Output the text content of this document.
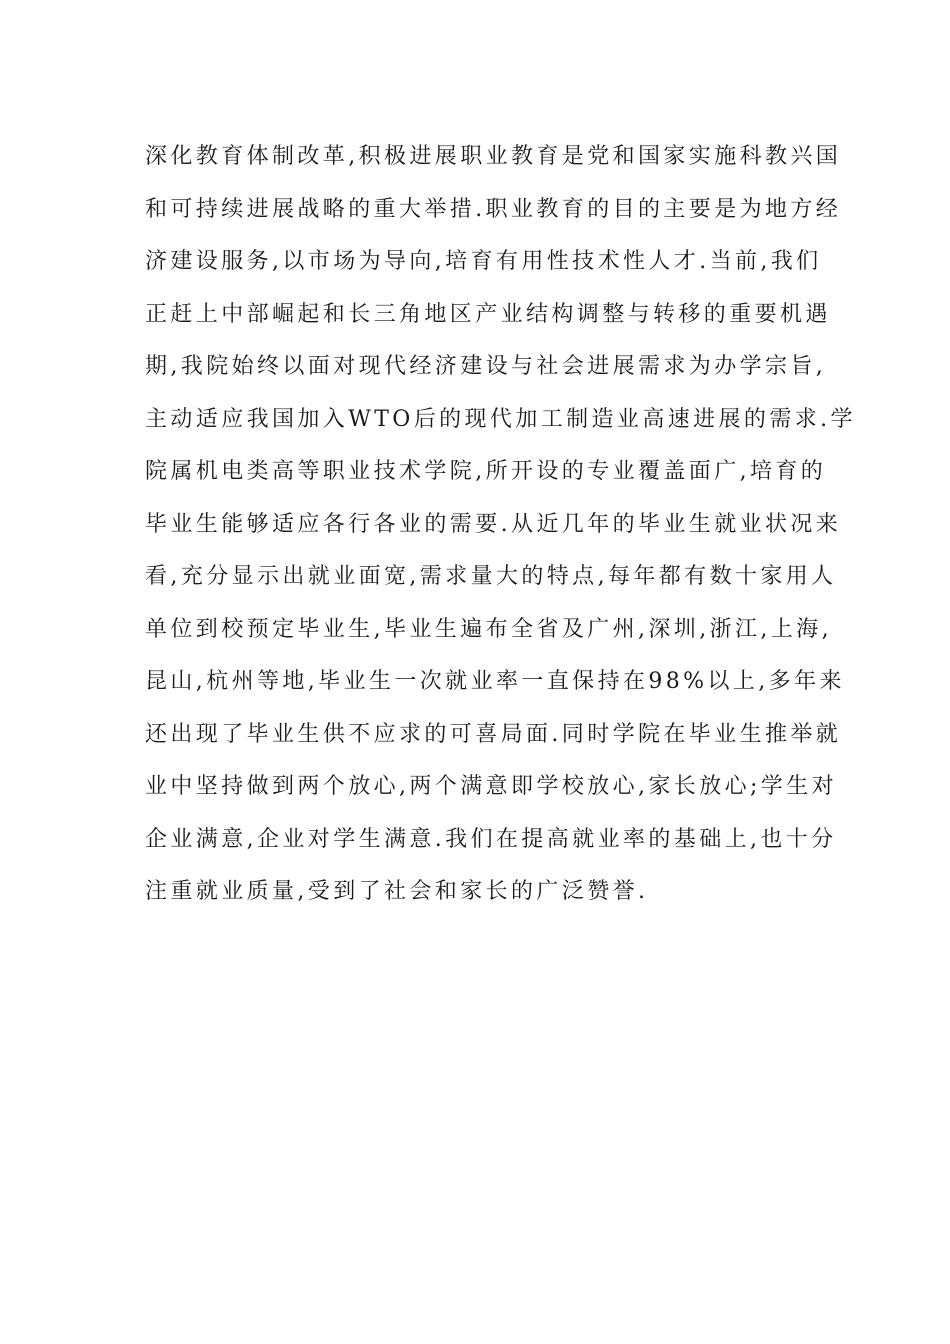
深化教育体制改革,积极进展职业教育是党和国家实施科教兴国
和可持续进展战略的重大举措.职业教育的目的主要是为地方经
济建设服务,以市场为导向,培育有用性技术性人才.当前,我们
正赶上中部崛起和长三角地区产业结构调整与转移的重要机遇
期,我院始终以面对现代经济建设与社会进展需求为办学宗旨,
主动适应我国加入WTO后的现代加工制造业高速进展的需求.学
院属机电类高等职业技术学院,所开设的专业覆盖面广,培育的
毕业生能够适应各行各业的需要.从近几年的毕业生就业状况来
看,充分显示出就业面宽,需求量大的特点,每年都有数十家用人
单位到校预定毕业生,毕业生遍布全省及广州,深圳,浙江,上海,
昆山,杭州等地,毕业生一次就业率一直保持在98%以上,多年来
还出现了毕业生供不应求的可喜局面.同时学院在毕业生推举就
业中坚持做到两个放心,两个满意即学校放心,家长放心;学生对
企业满意,企业对学生满意.我们在提高就业率的基础上,也十分
注重就业质量,受到了社会和家长的广泛赞誉.
